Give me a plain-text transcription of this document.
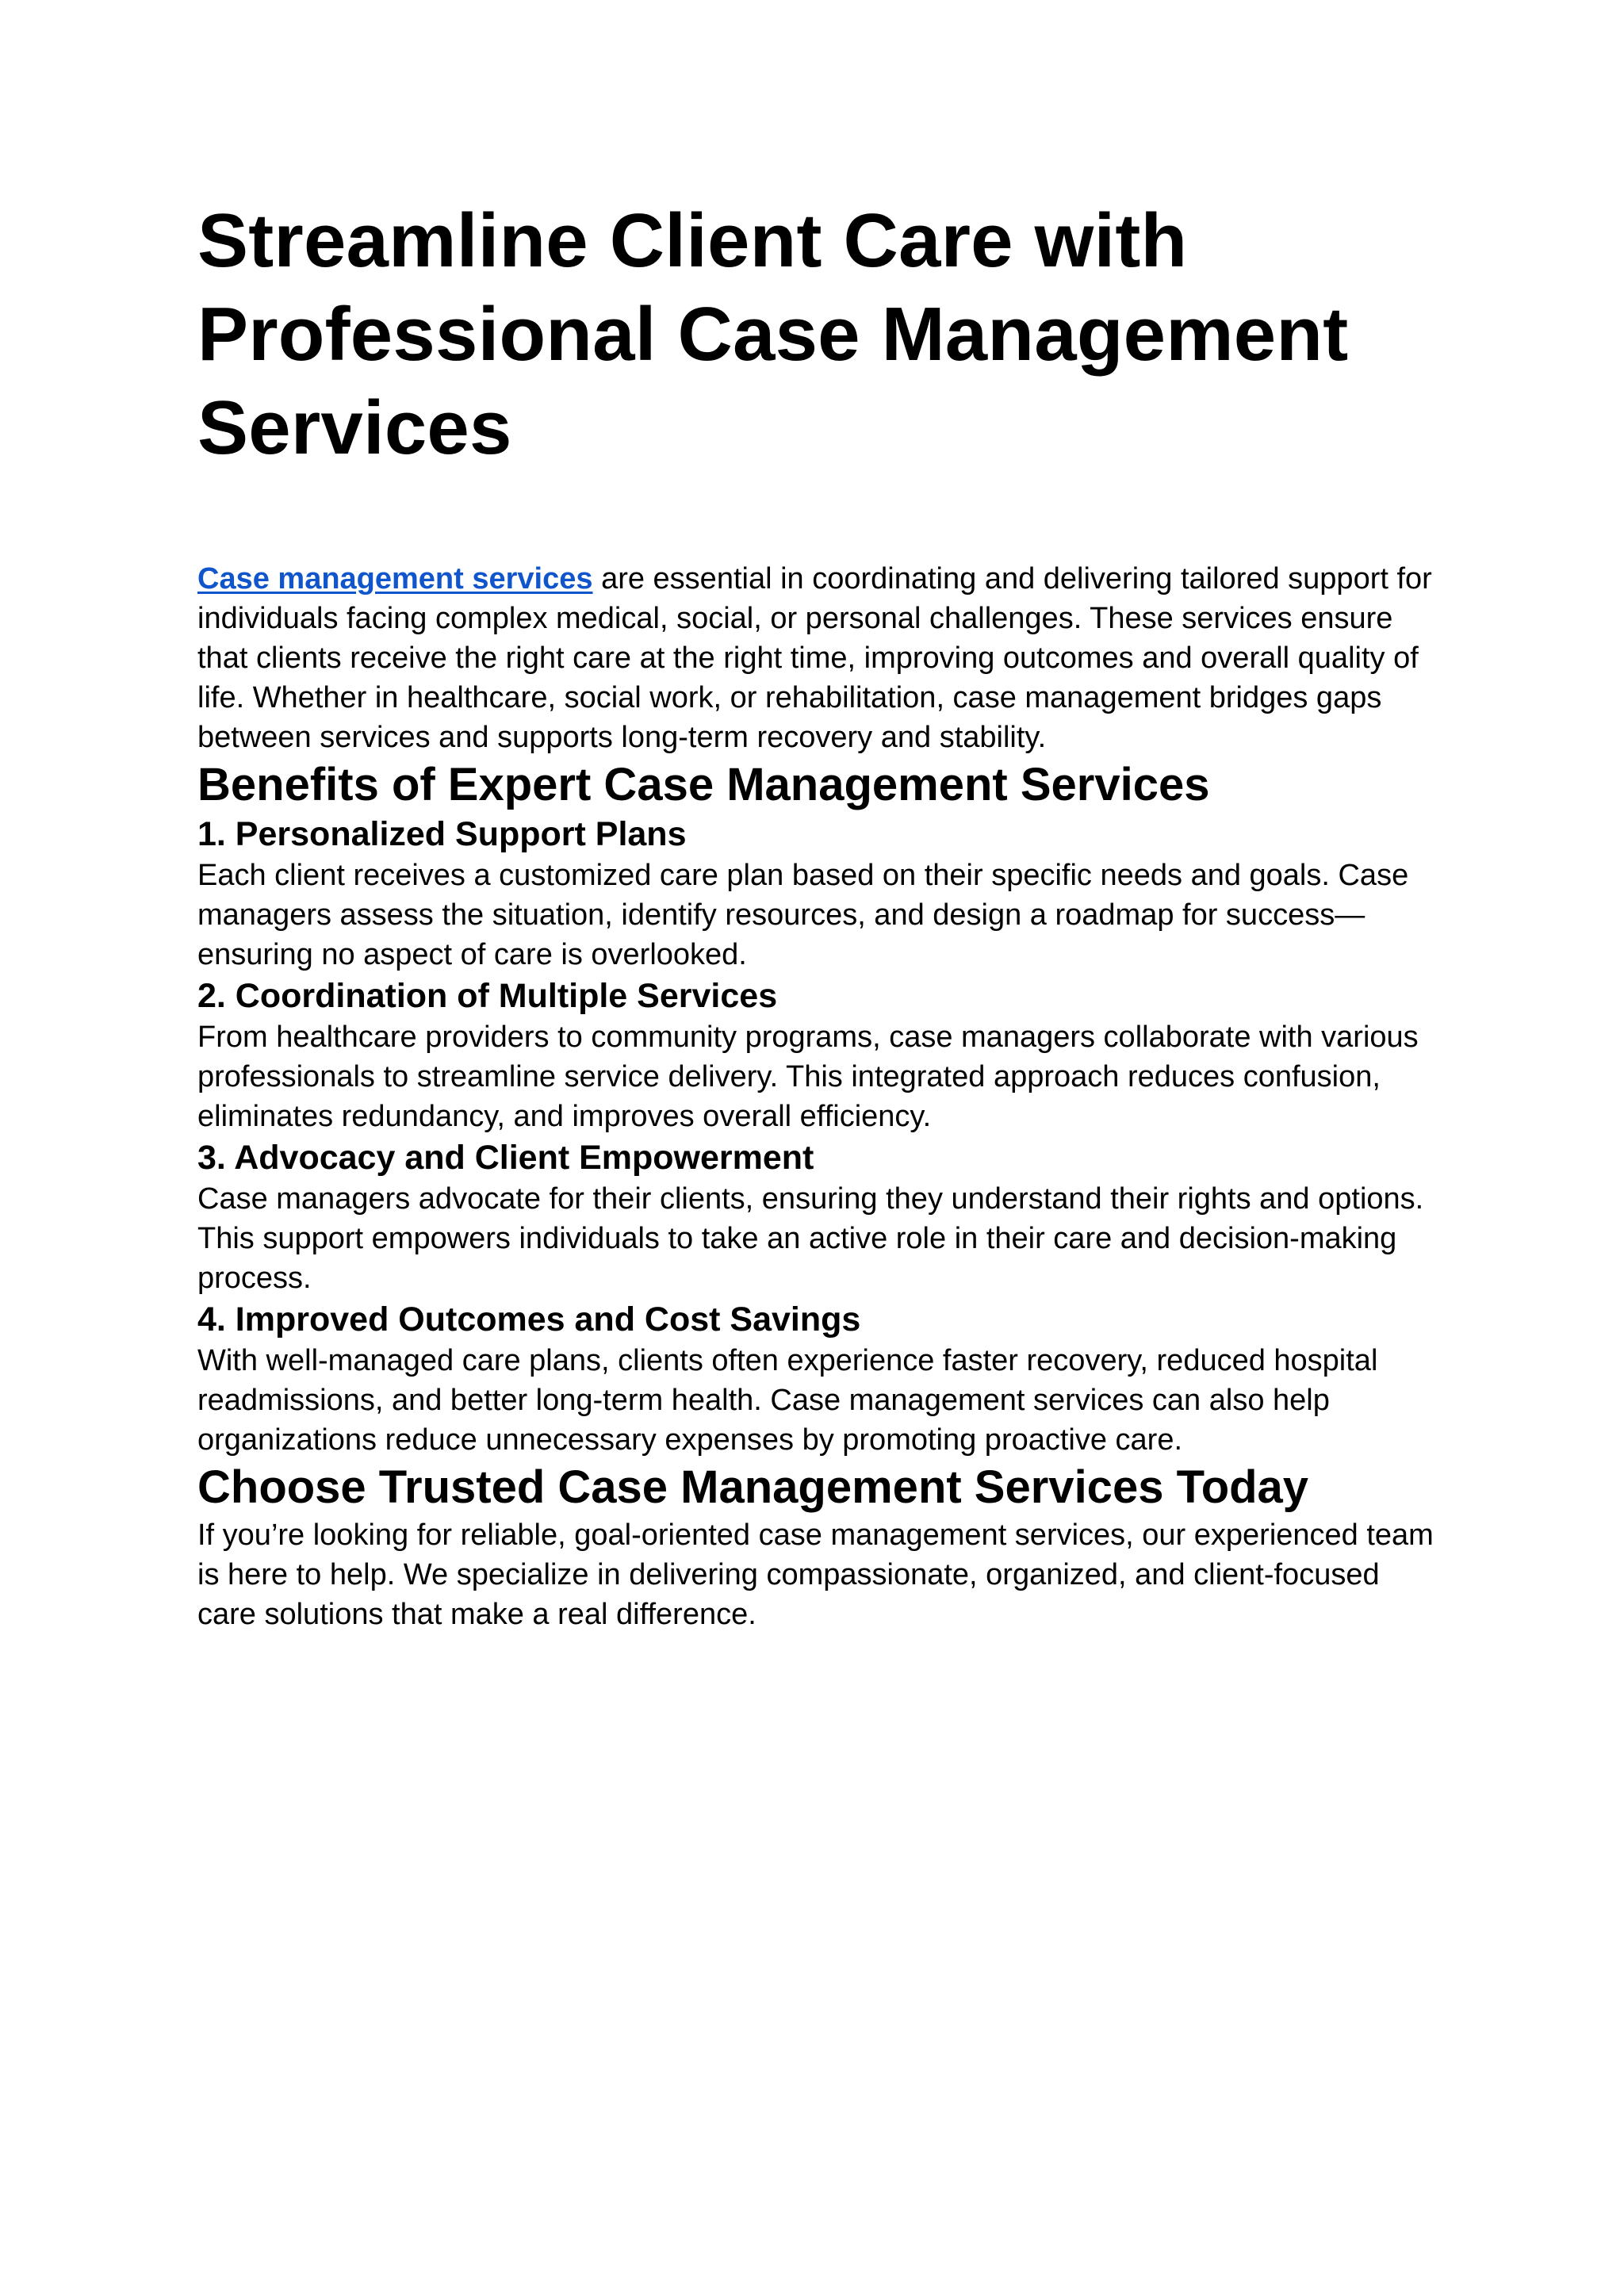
Streamline Client Care with Professional Case Management Services

Case management services are essential in coordinating and delivering tailored support for individuals facing complex medical, social, or personal challenges. These services ensure that clients receive the right care at the right time, improving outcomes and overall quality of life. Whether in healthcare, social work, or rehabilitation, case management bridges gaps between services and supports long-term recovery and stability.

Benefits of Expert Case Management Services
1. Personalized Support Plans

Each client receives a customized care plan based on their specific needs and goals. Case managers assess the situation, identify resources, and design a roadmap for success—ensuring no aspect of care is overlooked.

2. Coordination of Multiple Services

From healthcare providers to community programs, case managers collaborate with various professionals to streamline service delivery. This integrated approach reduces confusion, eliminates redundancy, and improves overall efficiency.

3. Advocacy and Client Empowerment

Case managers advocate for their clients, ensuring they understand their rights and options. This support empowers individuals to take an active role in their care and decision-making process.

4. Improved Outcomes and Cost Savings

With well-managed care plans, clients often experience faster recovery, reduced hospital readmissions, and better long-term health. Case management services can also help organizations reduce unnecessary expenses by promoting proactive care.

Choose Trusted Case Management Services Today

If you’re looking for reliable, goal-oriented case management services, our experienced team is here to help. We specialize in delivering compassionate, organized, and client-focused care solutions that make a real difference.
